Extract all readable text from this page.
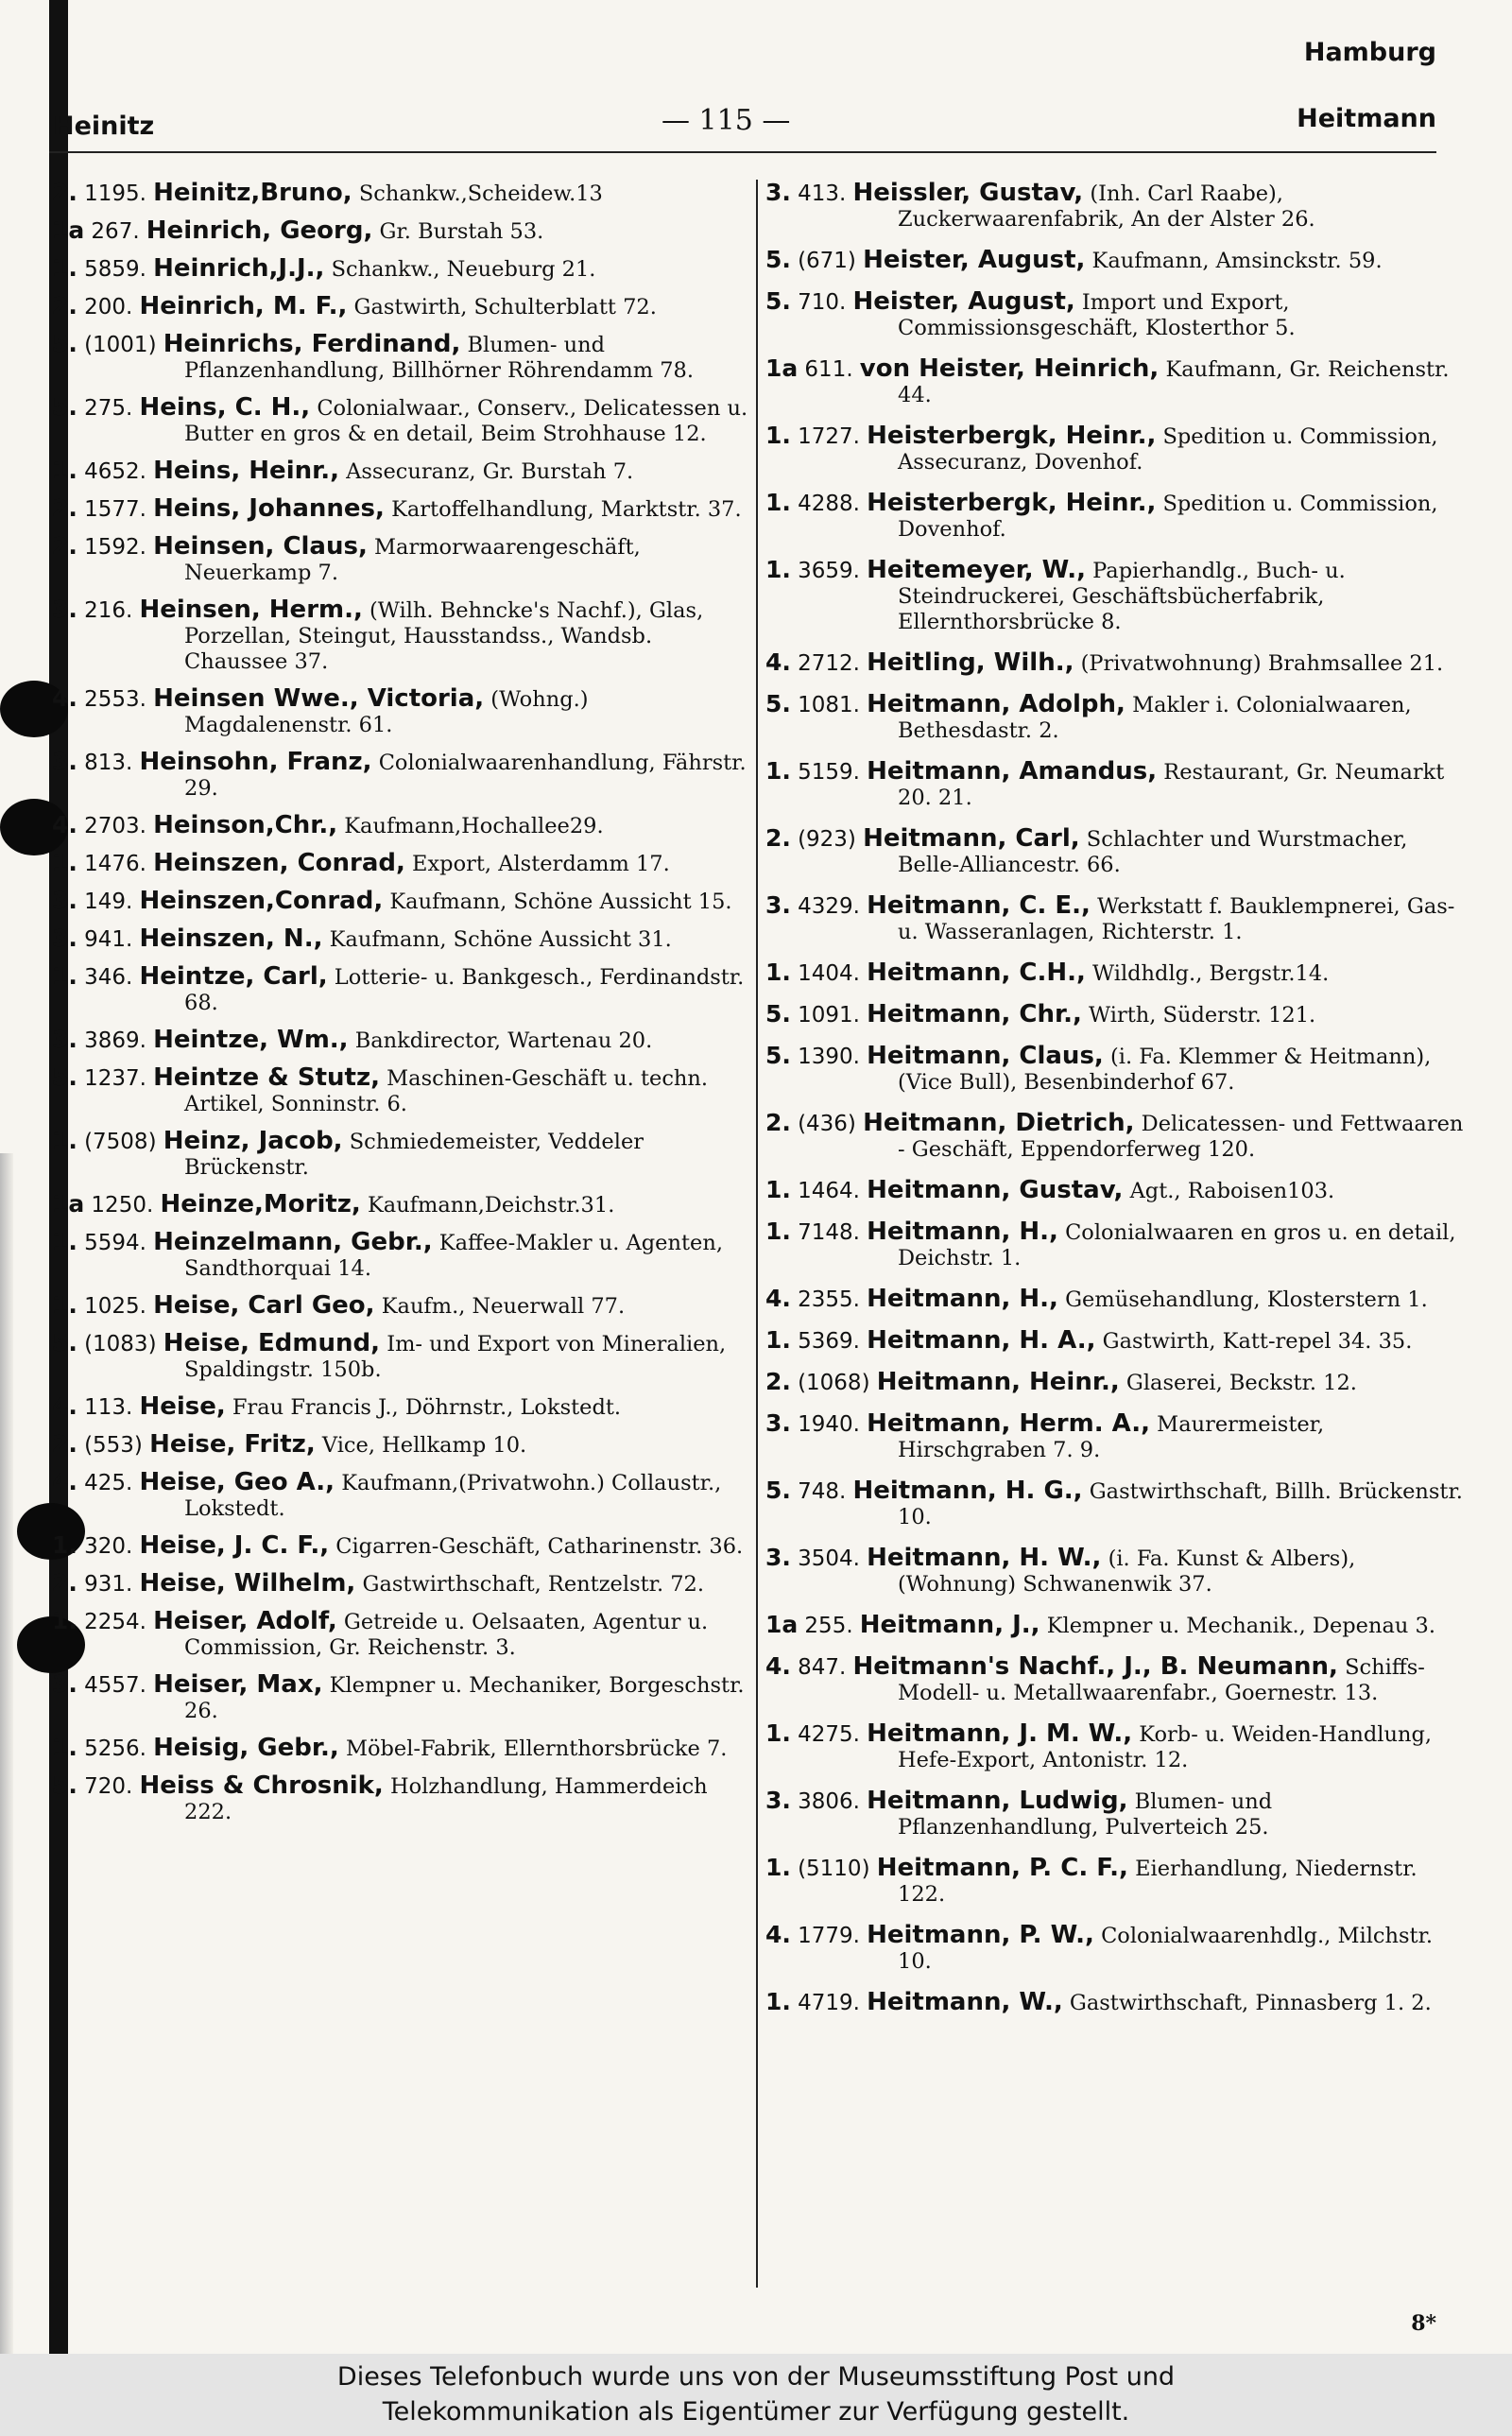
Hamburg
Heinitz	— 115 —	Heitmann

2. 1195. Heinitz,Bruno, Schankw.,Scheidew.13

1a 267. Heinrich, Georg, Gr. Burstah 53.

1. 5859. Heinrich,J.J., Schankw., Neueburg 21.

2. 200. Heinrich, M. F., Gastwirth, Schulterblatt 72.

5. (1001) Heinrichs, Ferdinand, Blumen- und Pflanzenhandlung, Billhörner Röhrendamm 78.

5. 275. Heins, C. H., Colonialwaar., Conserv., Delicatessen u. Butter en gros & en detail, Beim Strohhause 12.

1. 4652. Heins, Heinr., Assecuranz, Gr. Burstah 7.

2. 1577. Heins, Johannes, Kartoffelhandlung, Marktstr. 37.

2. 1592. Heinsen, Claus, Marmorwaarengeschäft, Neuerkamp 7.

3. 216. Heinsen, Herm., (Wilh. Behncke's Nachf.), Glas, Porzellan, Steingut, Hausstandss., Wandsb. Chaussee 37.

4. 2553. Heinsen Wwe., Victoria, (Wohng.) Magdalenenstr. 61.

3. 813. Heinsohn, Franz, Colonialwaarenhandlung, Fährstr. 29.

4. 2703. Heinson,Chr., Kaufmann,Hochallee29.

1. 1476. Heinszen, Conrad, Export, Alsterdamm 17.

3. 149. Heinszen,Conrad, Kaufmann, Schöne Aussicht 15.

3. 941. Heinszen, N., Kaufmann, Schöne Aussicht 31.

1. 346. Heintze, Carl, Lotterie- u. Bankgesch., Ferdinandstr. 68.

3. 3869. Heintze, Wm., Bankdirector, Wartenau 20.

5. 1237. Heintze & Stutz, Maschinen-Geschäft u. techn. Artikel, Sonninstr. 6.

1. (7508) Heinz, Jacob, Schmiedemeister, Veddeler Brückenstr.

1a 1250. Heinze,Moritz, Kaufmann,Deichstr.31.

1. 5594. Heinzelmann, Gebr., Kaffee-Makler u. Agenten, Sandthorquai 14.

1. 1025. Heise, Carl Geo, Kaufm., Neuerwall 77.

5. (1083) Heise, Edmund, Im- und Export von Mineralien, Spaldingstr. 150b.

4. 113. Heise, Frau Francis J., Döhrnstr., Lokstedt.

2. (553) Heise, Fritz, Vice, Hellkamp 10.

4. 425. Heise, Geo A., Kaufmann,(Privatwohn.) Collaustr., Lokstedt.

1. 320. Heise, J. C. F., Cigarren-Geschäft, Catharinenstr. 36.

2. 931. Heise, Wilhelm, Gastwirthschaft, Rentzelstr. 72.

1. 2254. Heiser, Adolf, Getreide u. Oelsaaten, Agentur u. Commission, Gr. Reichenstr. 3.

3. 4557. Heiser, Max, Klempner u. Mechaniker, Borgeschstr. 26.

1. 5256. Heisig, Gebr., Möbel-Fabrik, Ellernthorsbrücke 7.

5. 720. Heiss & Chrosnik, Holzhandlung, Hammerdeich 222.

3. 413. Heissler, Gustav, (Inh. Carl Raabe), Zuckerwaarenfabrik, An der Alster 26.

5. (671) Heister, August, Kaufmann, Amsinckstr. 59.

5. 710. Heister, August, Import und Export, Commissionsgeschäft, Klosterthor 5.

1a 611. von Heister, Heinrich, Kaufmann, Gr. Reichenstr. 44.

1. 1727. Heisterbergk, Heinr., Spedition u. Commission, Assecuranz, Dovenhof.

1. 4288. Heisterbergk, Heinr., Spedition u. Commission, Dovenhof.

1. 3659. Heitemeyer, W., Papierhandlg., Buch- u. Steindruckerei, Geschäftsbücherfabrik, Ellernthorsbrücke 8.

4. 2712. Heitling, Wilh., (Privatwohnung) Brahmsallee 21.

5. 1081. Heitmann, Adolph, Makler i. Colonialwaaren, Bethesdastr. 2.

1. 5159. Heitmann, Amandus, Restaurant, Gr. Neumarkt 20. 21.

2. (923) Heitmann, Carl, Schlachter und Wurstmacher, Belle-Alliancestr. 66.

3. 4329. Heitmann, C. E., Werkstatt f. Bauklempnerei, Gas- u. Wasseranlagen, Richterstr. 1.

1. 1404. Heitmann, C.H., Wildhdlg., Bergstr.14.

5. 1091. Heitmann, Chr., Wirth, Süderstr. 121.

5. 1390. Heitmann, Claus, (i. Fa. Klemmer & Heitmann), (Vice Bull), Besenbinderhof 67.

2. (436) Heitmann, Dietrich, Delicatessen- und Fettwaaren - Geschäft, Eppendorferweg 120.

1. 1464. Heitmann, Gustav, Agt., Raboisen103.

1. 7148. Heitmann, H., Colonialwaaren en gros u. en detail, Deichstr. 1.

4. 2355. Heitmann, H., Gemüsehandlung, Klosterstern 1.

1. 5369. Heitmann, H. A., Gastwirth, Katt-repel 34. 35.

2. (1068) Heitmann, Heinr., Glaserei, Beckstr. 12.

3. 1940. Heitmann, Herm. A., Maurermeister, Hirschgraben 7. 9.

5. 748. Heitmann, H. G., Gastwirthschaft, Billh. Brückenstr. 10.

3. 3504. Heitmann, H. W., (i. Fa. Kunst & Albers), (Wohnung) Schwanenwik 37.

1a 255. Heitmann, J., Klempner u. Mechanik., Depenau 3.

4. 847. Heitmann's Nachf., J., B. Neumann, Schiffs-Modell- u. Metallwaarenfabr., Goernestr. 13.

1. 4275. Heitmann, J. M. W., Korb- u. Weiden-Handlung, Hefe-Export, Antonistr. 12.

3. 3806. Heitmann, Ludwig, Blumen- und Pflanzenhandlung, Pulverteich 25.

1. (5110) Heitmann, P. C. F., Eierhandlung, Niedernstr. 122.

4. 1779. Heitmann, P. W., Colonialwaarenhdlg., Milchstr. 10.

1. 4719. Heitmann, W., Gastwirthschaft, Pinnasberg 1. 2.

8*
Dieses Telefonbuch wurde uns von der Museumsstiftung Post und
Telekommunikation als Eigentümer zur Verfügung gestellt.
